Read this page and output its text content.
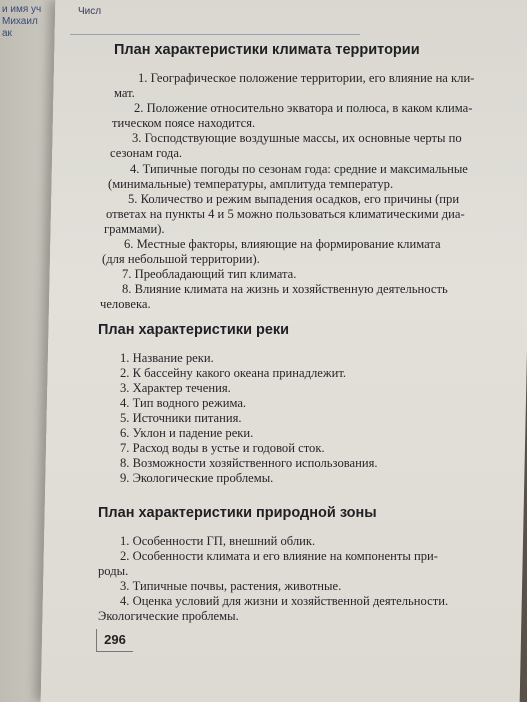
и имя уч
Михаил
ак
План характеристики климата территории
1. Географическое положение территории, его влияние на кли-
мат.
2. Положение относительно экватора и полюса, в каком клима-
тическом поясе находится.
3. Господствующие воздушные массы, их основные черты по
сезонам года.
4. Типичные погоды по сезонам года: средние и максимальные
(минимальные) температуры, амплитуда температур.
5. Количество и режим выпадения осадков, его причины (при
ответах на пункты 4 и 5 можно пользоваться климатическими диа-
граммами).
6. Местные факторы, влияющие на формирование климата
(для небольшой территории).
7. Преобладающий тип климата.
8. Влияние климата на жизнь и хозяйственную деятельность
человека.
План характеристики реки
1. Название реки.
2. К бассейну какого океана принадлежит.
3. Характер течения.
4. Тип водного режима.
5. Источники питания.
6. Уклон и падение реки.
7. Расход воды в устье и годовой сток.
8. Возможности хозяйственного использования.
9. Экологические проблемы.
План характеристики природной зоны
1. Особенности ГП, внешний облик.
2. Особенности климата и его влияние на компоненты при-
роды.
3. Типичные почвы, растения, животные.
4. Оценка условий для жизни и хозяйственной деятельности.
Экологические проблемы.
296
Числ
